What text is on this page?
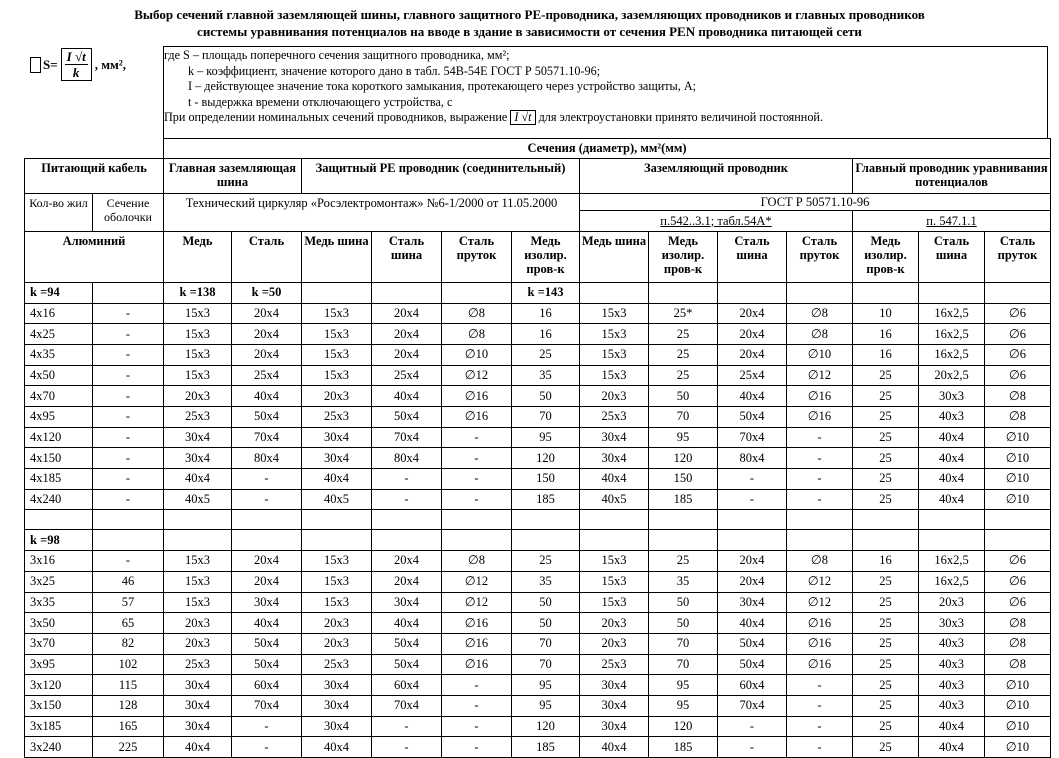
Выбор сечений главной заземляющей шины, главного защитного РЕ-проводника, заземляющих проводников и главных проводников
системы уравнивания потенциалов на вводе в здание в зависимости от сечения PEN проводника питающей сети
$S= \frac{I √t}{k}$ , мм²,
где S – площадь поперечного сечения защитного проводника, мм²;
k – коэффициент, значение которого дано в табл. 54В-54Е ГОСТ Р 50571.10-96;
I – действующее значение тока короткого замыкания, протекающего через устройство защиты, А;
t - выдержка времени отключающего устройства, с
При определении номинальных сечений проводников, выражение I √t для электроустановки принято величиной постоянной.
		Сечения (диаметр), мм²(мм)												
Питающий кабель		Главная заземляющая шина		Защитный РЕ проводник (соединительный)				Заземляющий проводник				Главный проводник уравнивания потенциалов		
Кол-во жил	Сечение оболочки	Технический циркуляр «Росэлектромонтаж» №6-1/2000 от 11.05.2000						ГОСТ Р 50571.10-96						
								п.542..3.1; табл.54А*				п. 547.1.1		
Алюминий		Медь	Сталь	Медь шина	Сталь шина	Сталь пруток	Медь изолир. пров-к	Медь шина	Медь изолир. пров-к	Сталь шина	Сталь пруток	Медь изолир. пров-к	Сталь шина	Сталь пруток
k =94		k =138	k =50				k =143							
4х16	-	15х3	20х4	15х3	20х4	∅8	16	15х3	25*	20х4	∅8	10	16х2,5	∅6
4х25	-	15х3	20х4	15х3	20х4	∅8	16	15х3	25	20х4	∅8	16	16х2,5	∅6
4х35	-	15х3	20х4	15х3	20х4	∅10	25	15х3	25	20х4	∅10	16	16х2,5	∅6
4х50	-	15х3	25х4	15х3	25х4	∅12	35	15х3	25	25х4	∅12	25	20х2,5	∅6
4х70	-	20х3	40х4	20х3	40х4	∅16	50	20х3	50	40х4	∅16	25	30х3	∅8
4х95	-	25х3	50х4	25х3	50х4	∅16	70	25х3	70	50х4	∅16	25	40х3	∅8
4х120	-	30х4	70х4	30х4	70х4	-	95	30х4	95	70х4	-	25	40х4	∅10
4х150	-	30х4	80х4	30х4	80х4	-	120	30х4	120	80х4	-	25	40х4	∅10
4х185	-	40х4	-	40х4	-	-	150	40х4	150	-	-	25	40х4	∅10
4х240	-	40х5	-	40х5	-	-	185	40х5	185	-	-	25	40х4	∅10

k =98														
3х16	-	15х3	20х4	15х3	20х4	∅8	25	15х3	25	20х4	∅8	16	16х2,5	∅6
3х25	46	15х3	20х4	15х3	20х4	∅12	35	15х3	35	20х4	∅12	25	16х2,5	∅6
3х35	57	15х3	30х4	15х3	30х4	∅12	50	15х3	50	30х4	∅12	25	20х3	∅6
3х50	65	20х3	40х4	20х3	40х4	∅16	50	20х3	50	40х4	∅16	25	30х3	∅8
3х70	82	20х3	50х4	20х3	50х4	∅16	70	20х3	70	50х4	∅16	25	40х3	∅8
3х95	102	25х3	50х4	25х3	50х4	∅16	70	25х3	70	50х4	∅16	25	40х3	∅8
3х120	115	30х4	60х4	30х4	60х4	-	95	30х4	95	60х4	-	25	40х3	∅10
3х150	128	30х4	70х4	30х4	70х4	-	95	30х4	95	70х4	-	25	40х3	∅10
3х185	165	30х4	-	30х4	-	-	120	30х4	120	-	-	25	40х4	∅10
3х240	225	40х4	-	40х4	-	-	185	40х4	185	-	-	25	40х4	∅10
